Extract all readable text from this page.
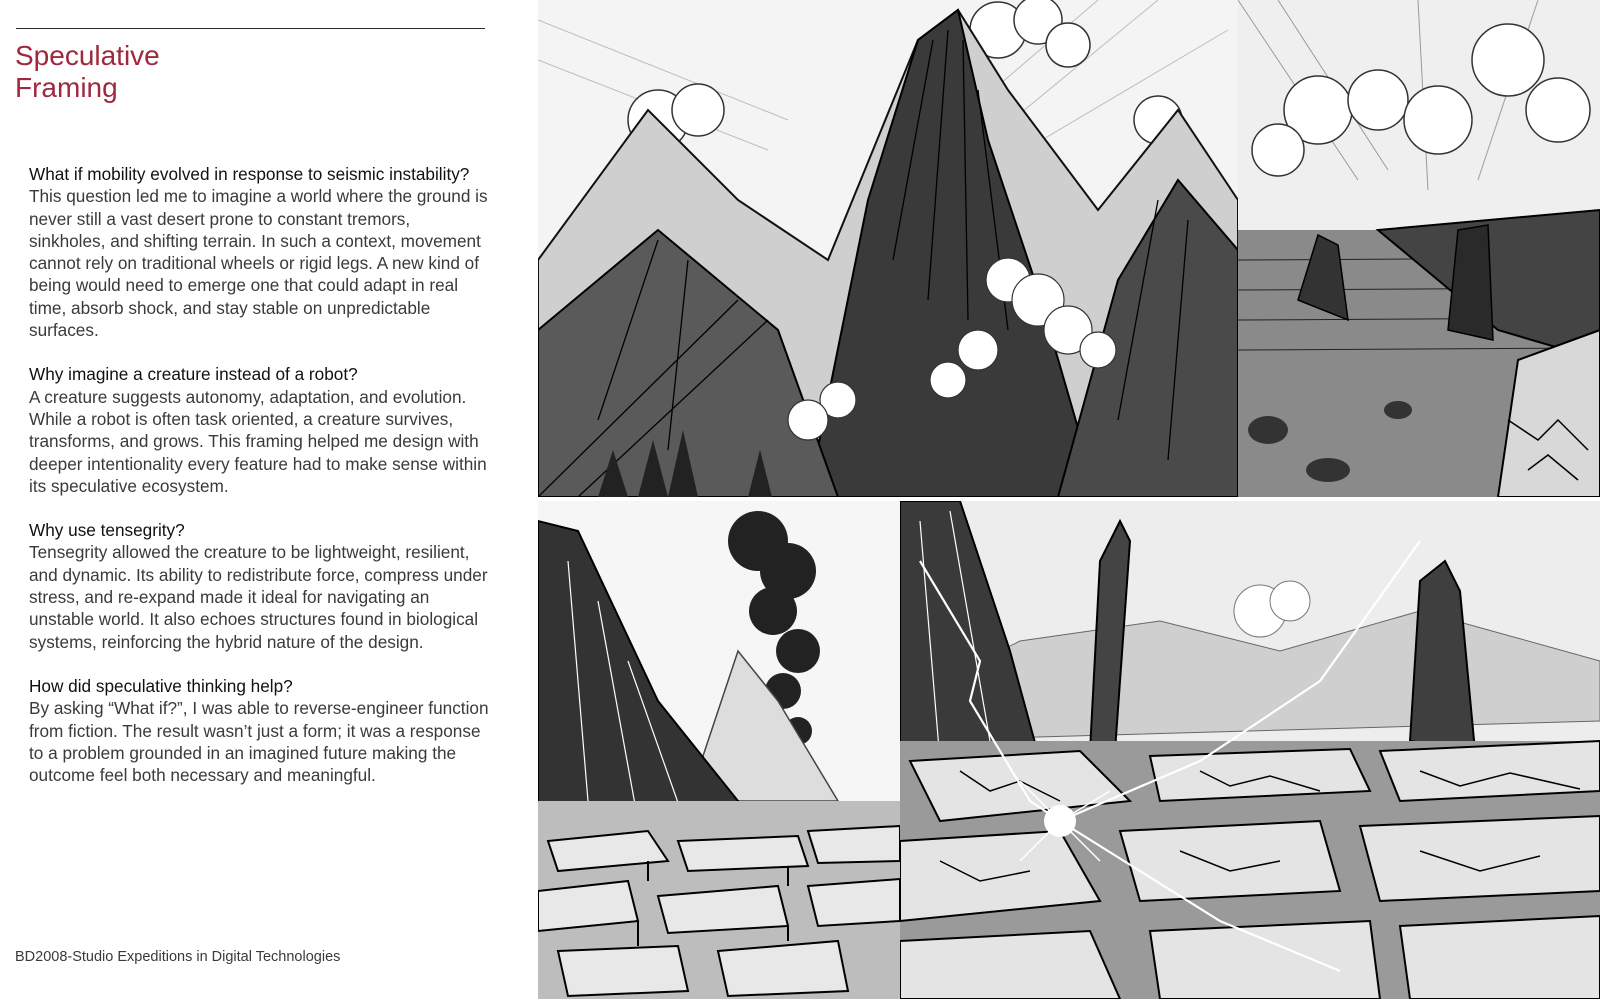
Speculative
Framing

What if mobility evolved in response to seismic instability?

This question led me to imagine a world where the ground is never still a vast desert prone to constant tremors, sinkholes, and shifting terrain. In such a context, movement cannot rely on traditional wheels or rigid legs. A new kind of being would need to emerge one that could adapt in real time, absorb shock, and stay stable on unpredictable surfaces.

Why imagine a creature instead of a robot?

A creature suggests autonomy, adaptation, and evolution. While a robot is often task oriented, a creature survives, transforms, and grows. This framing helped me design with deeper intentionality every feature had to make sense within its speculative ecosystem.

Why use tensegrity?

Tensegrity allowed the creature to be lightweight, resilient, and dynamic. Its ability to redistribute force, compress under stress, and re-expand made it ideal for navigating an unstable world. It also echoes structures found in biological systems, reinforcing the hybrid nature of the design.

How did speculative thinking help?

By asking “What if?”, I was able to reverse-engineer function from fiction. The result wasn’t just a form; it was a response to a problem grounded in an imagined future making the outcome feel both necessary and meaningful.

BD2008-Studio Expeditions in Digital Technologies
